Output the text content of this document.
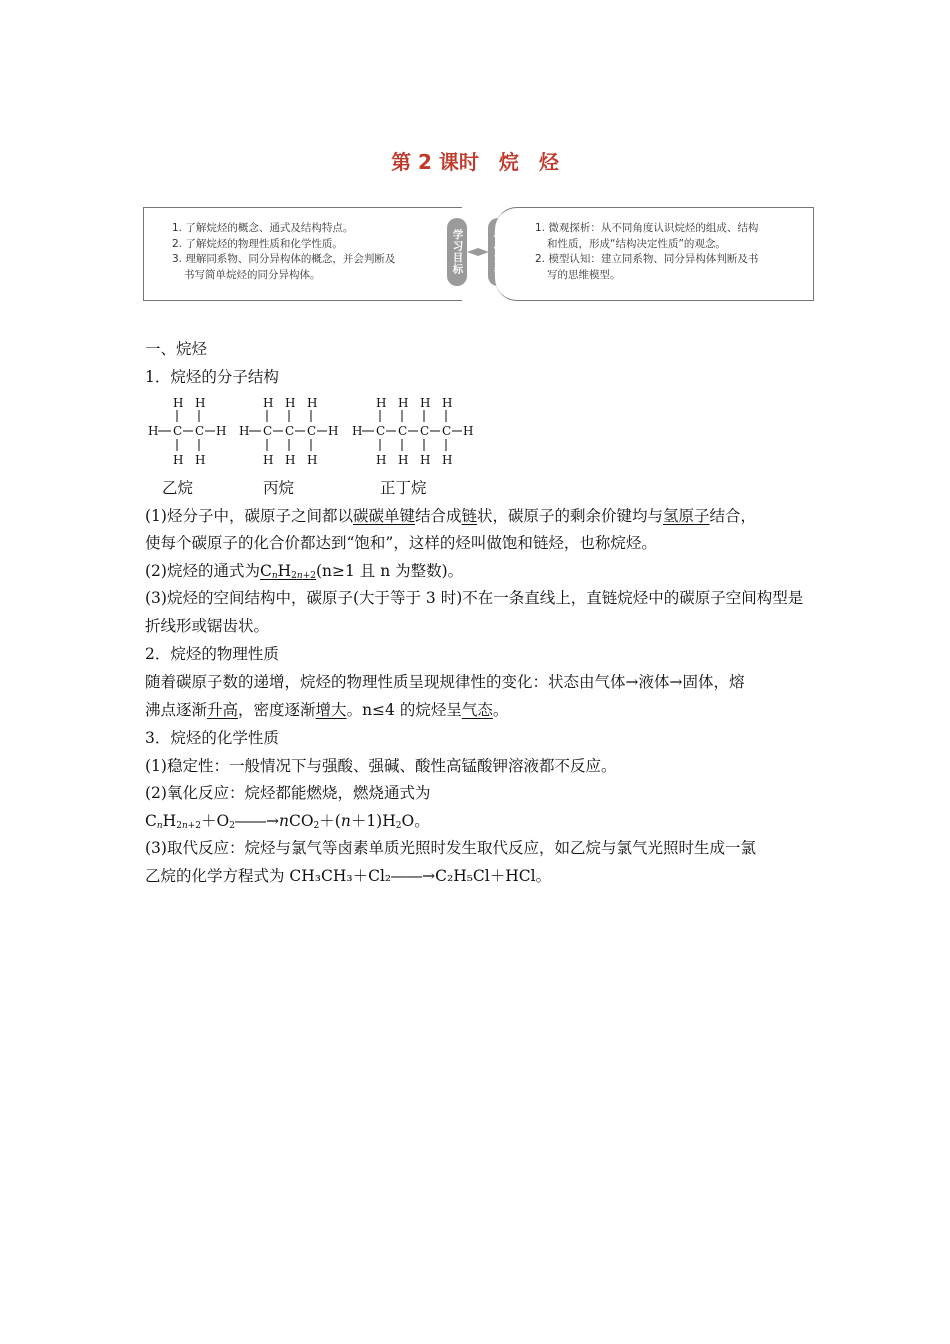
第 2 课时　烷　烃
1. 了解烷烃的概念、通式及结构特点。
2. 了解烷烃的物理性质和化学性质。
3. 理解同系物、同分异构体的概念，并会判断及
书写简单烷烃的同分异构体。	学习目标
1. 微观探析：从不同角度认识烷烃的组成、结构
和性质，形成“结构决定性质”的观念。
2. 模型认知：建立同系物、同分异构体判断及书
写的思维模型。
一、烷烃
1．烷烃的分子结构
H H
H C C H
H H
H H H
H C C C H
H H H
H H H H
H C C C C H
H H H H
乙烷	丙烷	正丁烷
(1)烃分子中，碳原子之间都以碳碳单键结合成链状，碳原子的剩余价键均与氢原子结合，
使每个碳原子的化合价都达到“饱和”，这样的烃叫做饱和链烃，也称烷烃。
(2)烷烃的通式为$C_nH_{2n+2}(n\ge 1$ 且 n 为整数)。
(3)烷烃的空间结构中，碳原子(大于等于 3 时)不在一条直线上，直链烷烃中的碳原子空间构型是折线形或锯齿状。
2．烷烃的物理性质
随着碳原子数的递增，烷烃的物理性质呈现规律性的变化：状态由气体→液体→固体，熔
沸点逐渐升高，密度逐渐增大。n≤4 的烷烃呈气态。
3．烷烃的化学性质
(1)稳定性：一般情况下与强酸、强碱、酸性高锰酸钾溶液都不反应。
(2)氧化反应：烷烃都能燃烧，燃烧通式为
$C_nH_{2n+2}+O_2――\to nCO_2+(n+1)H_2O$。
(3)取代反应：烷烃与氯气等卤素单质光照时发生取代反应，如乙烷与氯气光照时生成一氯
乙烷的化学方程式为 CH₃CH₃＋Cl₂――→C₂H₅Cl＋HCl。
